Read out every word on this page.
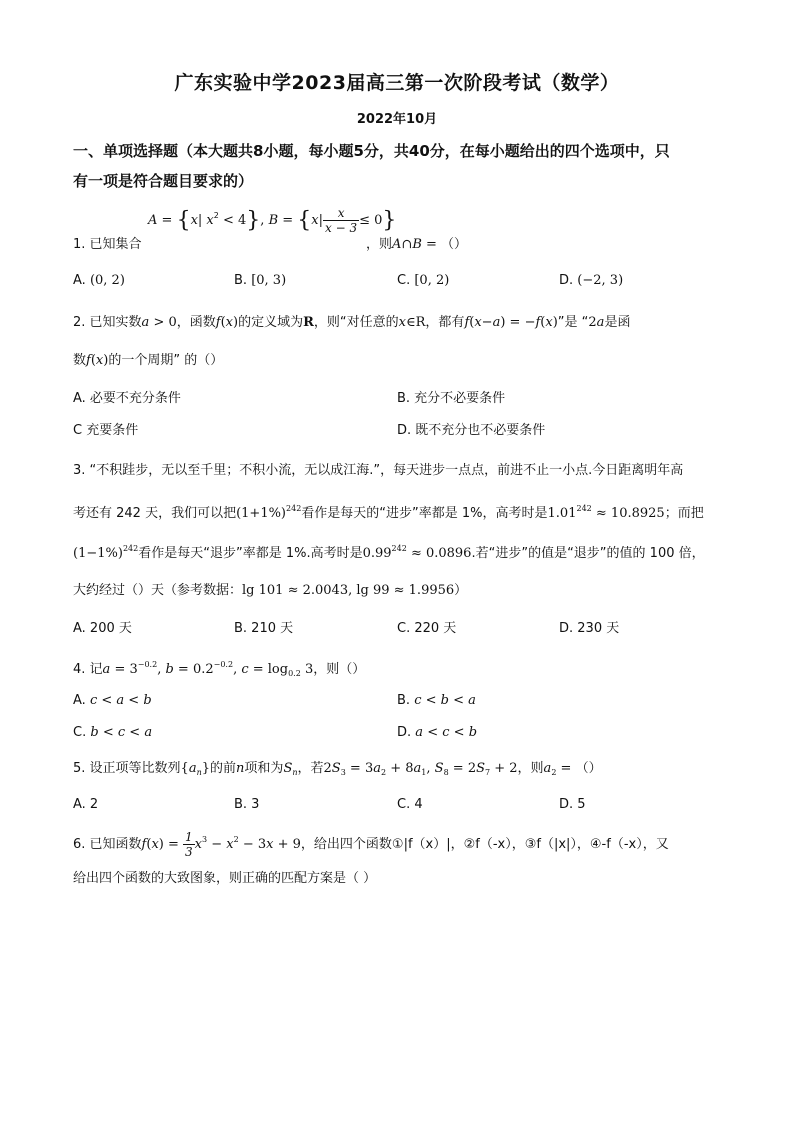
广东实验中学2023届高三第一次阶段考试（数学）
2022年10月
一、单项选择题（本大题共8小题，每小题5分，共40分，在每小题给出的四个选项中，只
有一项是符合题目要求的）
A = {x| $x^2 < 4$}, $B = \{x| \frac{x}{x - 3} \le 0\}$
1. 已知集合	，则A∩B = （）
A. (0, 2)	B. [0, 3)	C. [0, 2)	D. (−2, 3)
2. 已知实数a > 0，函数f(x)的定义域为R，则“对任意的x∈R，都有f(x−a) = −f(x)”是 “2a是函
数f(x)的一个周期” 的（）
A. 必要不充分条件	B. 充分不必要条件
C 充要条件	D. 既不充分也不必要条件
3. “不积跬步，无以至千里；不积小流，无以成江海.”，每天进步一点点，前进不止一小点.今日距离明年高
考还有 242 天，我们可以把$(1+1\%)^{242}$看作是每天的“进步”率都是 1%，高考时是$1.01^{242} \approx 10.8925$；而把
$(1-1\%)^{242}$看作是每天“退步”率都是 1%.高考时是$0.99^{242} \approx 0.0896$.若“进步”的值是“退步”的值的 100 倍，
大约经过（）天（参考数据：lg 101 ≈ 2.0043, lg 99 ≈ 1.9956）
A. 200 天	B. 210 天	C. 220 天	D. 230 天
4. 记$a = 3^{-0.2}$, $b = 0.2^{-0.2}$, $c = \log_{0.2} 3$，则（）
A. c < a < b	B. c < b < a
C. b < c < a	D. a < c < b
5. 设正项等比数列$\{a_n\}$的前n项和为$S_n$，若$2S_3 = 3a_2 + 8a_1$, $S_8 = 2S_7 + 2$，则$a_2$ = （）
A. 2	B. 3	C. 4	D. 5
6. 已知函数$f(x) = \frac{1}{3} x^3 - x^2 - 3x + 9$，给出四个函数①|f（x）|，②f（-x），③f（|x|），④-f（-x），又
给出四个函数的大致图象，则正确的匹配方案是（ ）
